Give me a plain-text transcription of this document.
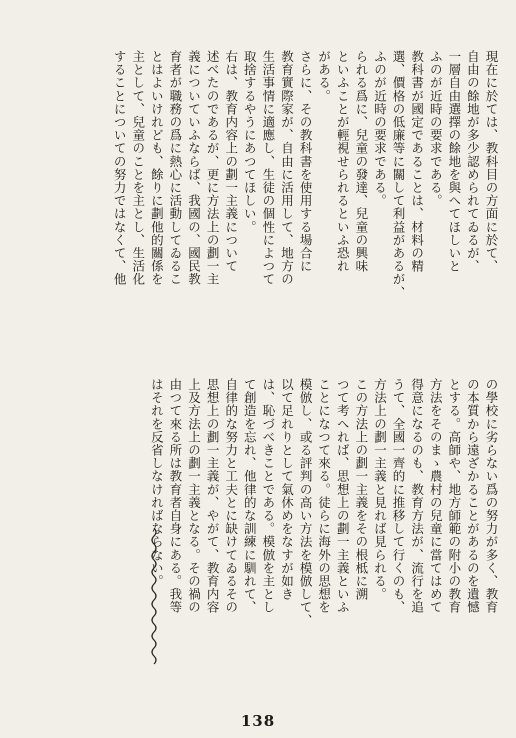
現在に於ては、教科目の方面に於て、
自由の餘地が多少認められてゐるが、
一層自由選擇の餘地を與へてほしいと
ふのが近時の要求である。
教科書が國定であることは、材料の精
選、價格の低廉等に關して利益があるが、
ふのが近時の要求である。
られる爲に、兒童の發達、兒童の興味
といふことが輕視せられるといふ恐れ
がある。
さらに、その教科書を使用する場合に
教育實際家が、自由に活用して、地方の
生活事情に適應し、生徒の個性によつて
取捨するやうにあつてほしい。
右は、教育内容上の劃一主義について
述べたのであるが、更に方法上の劃一主
義についていふならば、我國の、國民教
育者が職務の爲に熱心に活動してゐるこ
とはよいけれども、餘りに劃他的關係を
主として、兒童のことを主とし、生活化
することについての努力ではなくて、他
の學校に劣らない爲の努力が多く、教育
の本質から遠ざかることがあるのを遺憾
とする。高師や、地方師範の附小の教育
方法をそのまゝ農村の兒童に當てはめて
得意になるのも、教育方法が、流行を追
うて、全國一齊的に推移して行くのも、
方法上の劃一主義と見れば見られる。
この方法上の劃一主義をその根柢に溯
つて考へれば、思想上の劃一主義といふ
ことになつて來る。徒らに海外の思想を
模倣し、或る評判の高い方法を模倣して、
以て足れりとして氣休めをなすが如き
は、恥づべきことである。模倣を主とし
て創造を忘れ、他律的な訓練に馴れて、
自律的な努力と工夫とに缺けてゐるその
思想上の劃一主義が、やがて、教育内容
上及方法上の劃一主義となる。その禍の
由つて來る所は教育者自身にある。我等
はそれを反省しなければならない。
138
